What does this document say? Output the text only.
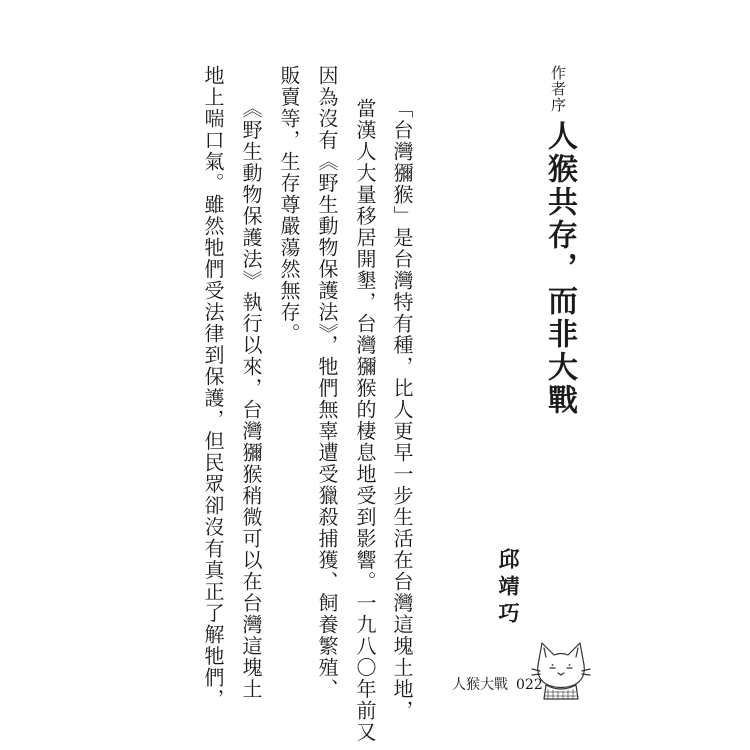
作者序
人猴共存，而非大戰
邱靖巧
「台灣獼猴」是台灣特有種，比人更早一步生活在台灣這塊土地，
當漢人大量移居開墾，台灣獼猴的棲息地受到影響。一九八〇年前又
因為沒有《野生動物保護法》，牠們無辜遭受獵殺捕獲、飼養繁殖、
販賣等，生存尊嚴蕩然無存。
《野生動物保護法》執行以來，台灣獼猴稍微可以在台灣這塊土
地上喘口氣。雖然牠們受法律到保護，但民眾卻沒有真正了解牠們，	人猴大戰 022
